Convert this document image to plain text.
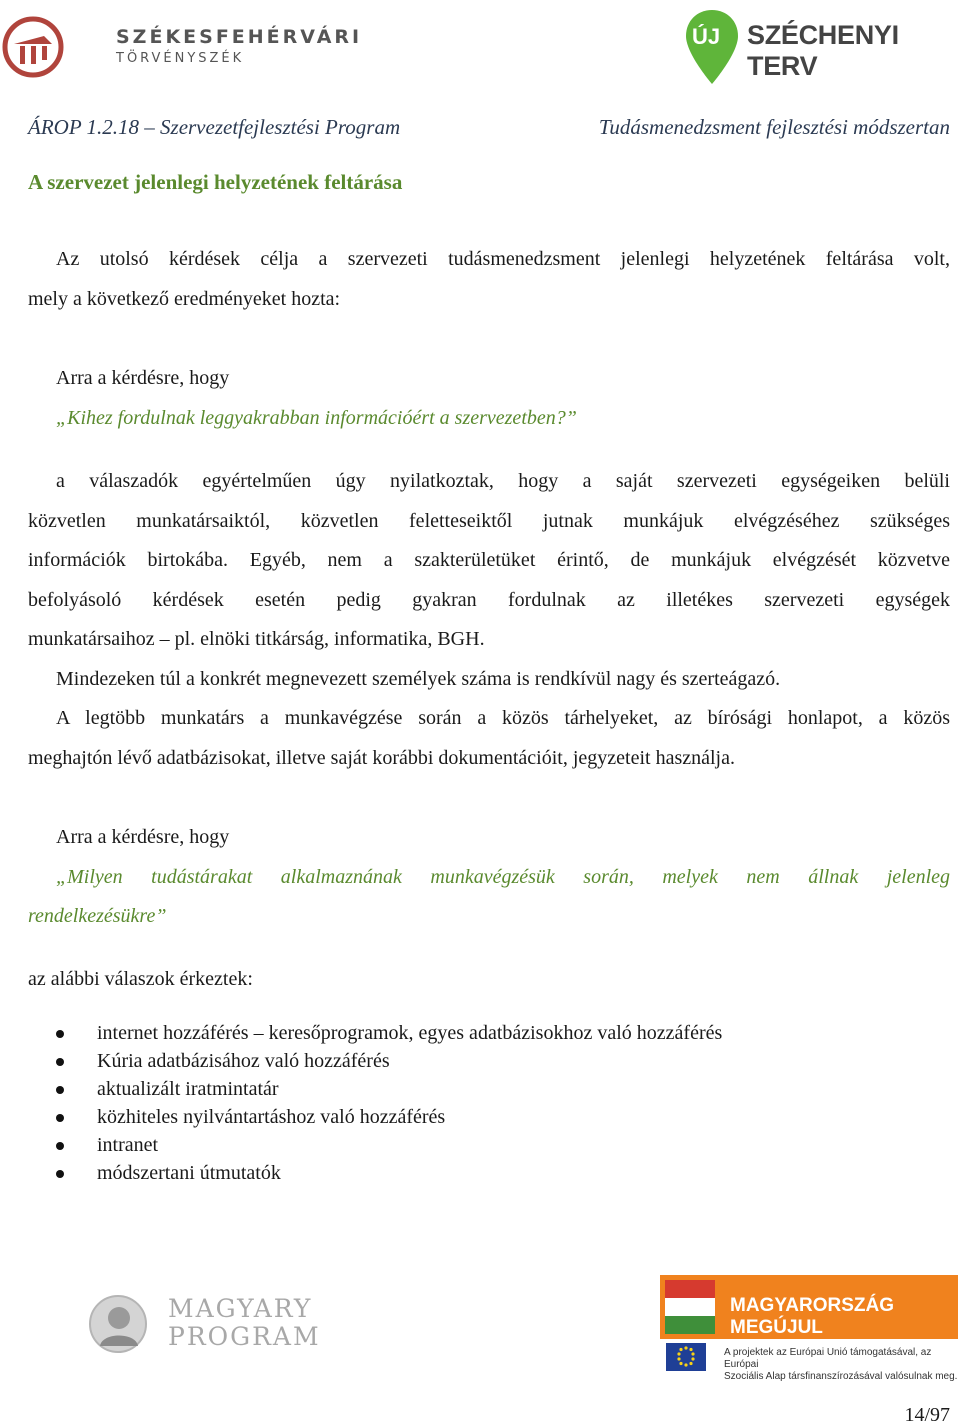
SZÉKESFEHÉRVÁRI
TÖRVÉNYSZÉK
ÚJ SZÉCHENYI TERV
ÁROP 1.2.18 – Szervezetfejlesztési Program	Tudásmenedzsment fejlesztési módszertan
A szervezet jelenlegi helyzetének feltárása
Az utolsó kérdések célja a szervezeti tudásmenedzsment jelenlegi helyzetének feltárása volt,
mely a következő eredményeket hozta:
Arra a kérdésre, hogy
„Kihez fordulnak leggyakrabban információért a szervezetben?”
a válaszadók egyértelműen úgy nyilatkoztak, hogy a saját szervezeti egységeiken belüli
közvetlen munkatársaiktól, közvetlen feletteseiktől jutnak munkájuk elvégzéséhez szükséges
információk birtokába. Egyéb, nem a szakterületüket érintő, de munkájuk elvégzését közvetve
befolyásoló kérdések esetén pedig gyakran fordulnak az illetékes szervezeti egységek
munkatársaihoz – pl. elnöki titkárság, informatika, BGH.
Mindezeken túl a konkrét megnevezett személyek száma is rendkívül nagy és szerteágazó.
A legtöbb munkatárs a munkavégzése során a közös tárhelyeket, az bírósági honlapot, a közös
meghajtón lévő adatbázisokat, illetve saját korábbi dokumentációit, jegyzeteit használja.
Arra a kérdésre, hogy
„Milyen tudástárakat alkalmaznának munkavégzésük során, melyek nem állnak jelenleg
rendelkezésükre”
az alábbi válaszok érkeztek:
internet hozzáférés – keresőprogramok, egyes adatbázisokhoz való hozzáférés
Kúria adatbázisához való hozzáférés
aktualizált iratmintatár
közhiteles nyilvántartáshoz való hozzáférés
intranet
módszertani útmutatók
MAGYARY
PROGRAM
MAGYARORSZÁG MEGÚJUL
A projektek az Európai Unió támogatásával, az Európai
Szociális Alap társfinanszírozásával valósulnak meg.
14/97
